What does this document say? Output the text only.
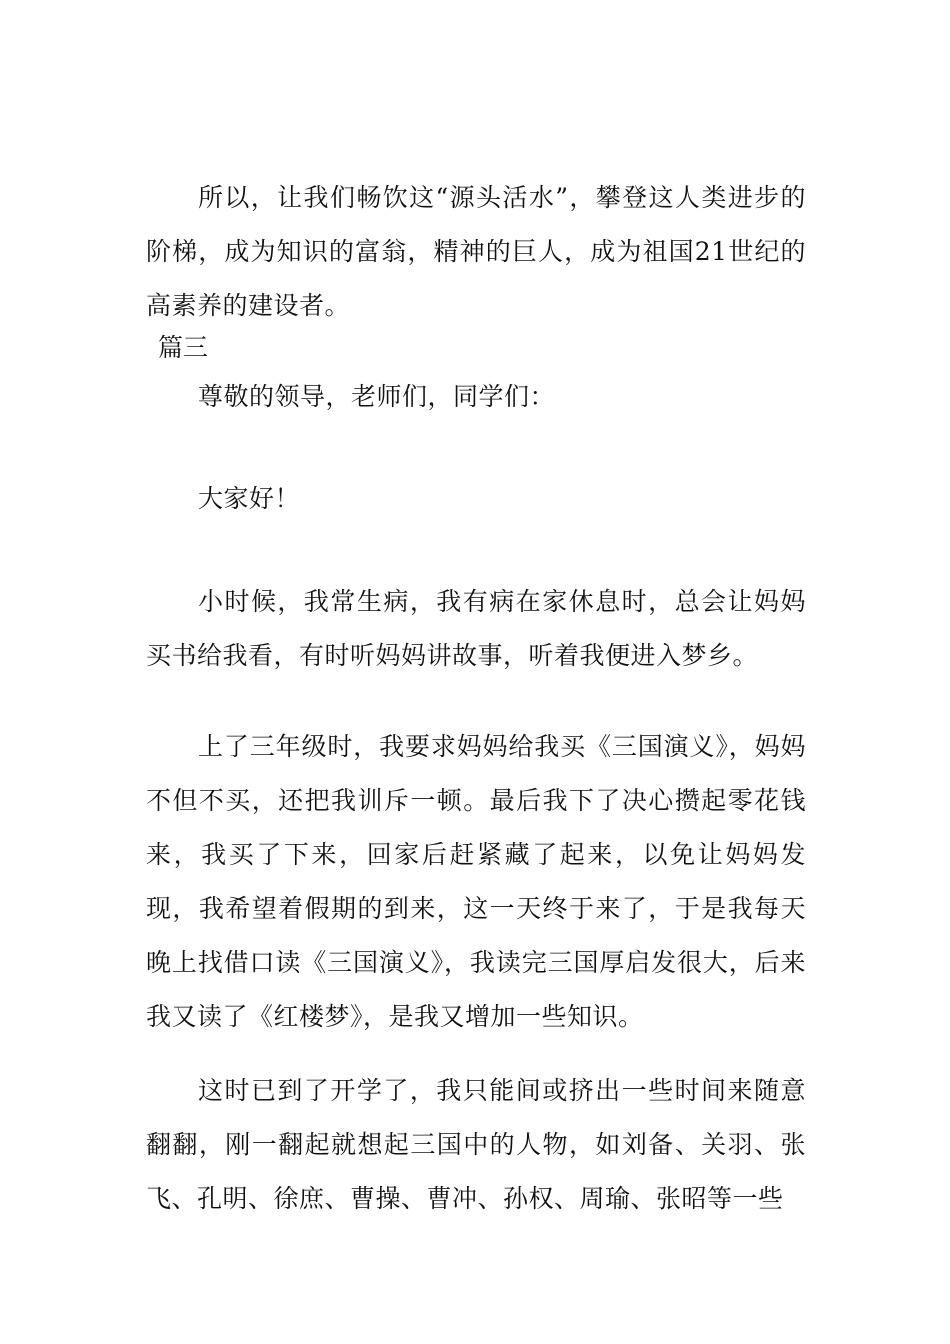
所以，让我们畅饮这“源头活水”，攀登这人类进步的阶梯，成为知识的富翁，精神的巨人，成为祖国21世纪的高素养的建设者。

篇三

尊敬的领导，老师们，同学们：

大家好！

小时候，我常生病，我有病在家休息时，总会让妈妈买书给我看，有时听妈妈讲故事，听着我便进入梦乡。

上了三年级时，我要求妈妈给我买《三国演义》，妈妈不但不买，还把我训斥一顿。最后我下了决心攒起零花钱来，我买了下来，回家后赶紧藏了起来，以免让妈妈发现，我希望着假期的到来，这一天终于来了，于是我每天晚上找借口读《三国演义》，我读完三国厚启发很大，后来我又读了《红楼梦》，是我又增加一些知识。

这时已到了开学了，我只能间或挤出一些时间来随意翻翻，刚一翻起就想起三国中的人物，如刘备、关羽、张飞、孔明、徐庶、曹操、曹冲、孙权、周瑜、张昭等一些
